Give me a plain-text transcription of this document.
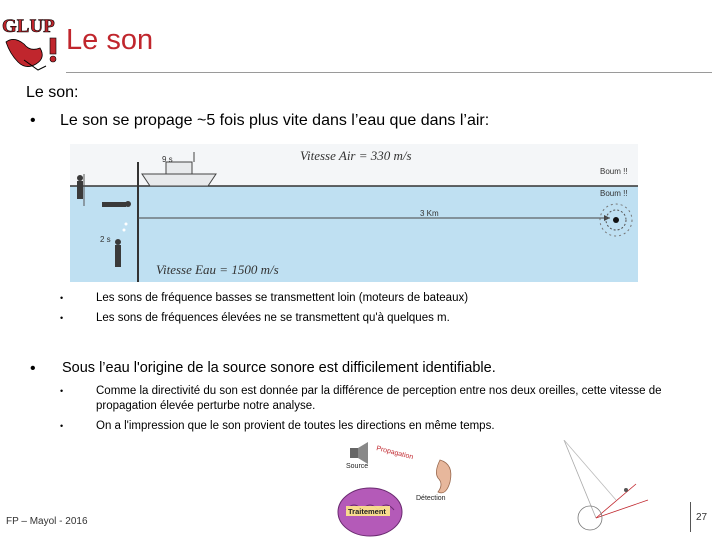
GLUP Le son
Le son:
• Le son se propage ~5 fois plus vite dans l’eau que dans l’air:
Vitesse Air = 330 m/s
Vitesse Eau = 1500 m/s
9 s
2 s
3 Km
Boum !!
Boum !!
•	Les sons de fréquence basses se transmettent loin (moteurs de bateaux)
•	Les sons de fréquences élevées ne se transmettent qu'à quelques m.
• Sous l’eau l'origine de la source sonore est difficilement identifiable.
•	Comme la directivité du son est donnée par la différence de perception entre nos deux oreilles, cette vitesse de propagation élevée perturbe notre analyse.
•	On a l'impression que le son provient de toutes les directions en même temps.
Source
Propagation
Détection
Traitement
FP – Mayol - 2016	27
